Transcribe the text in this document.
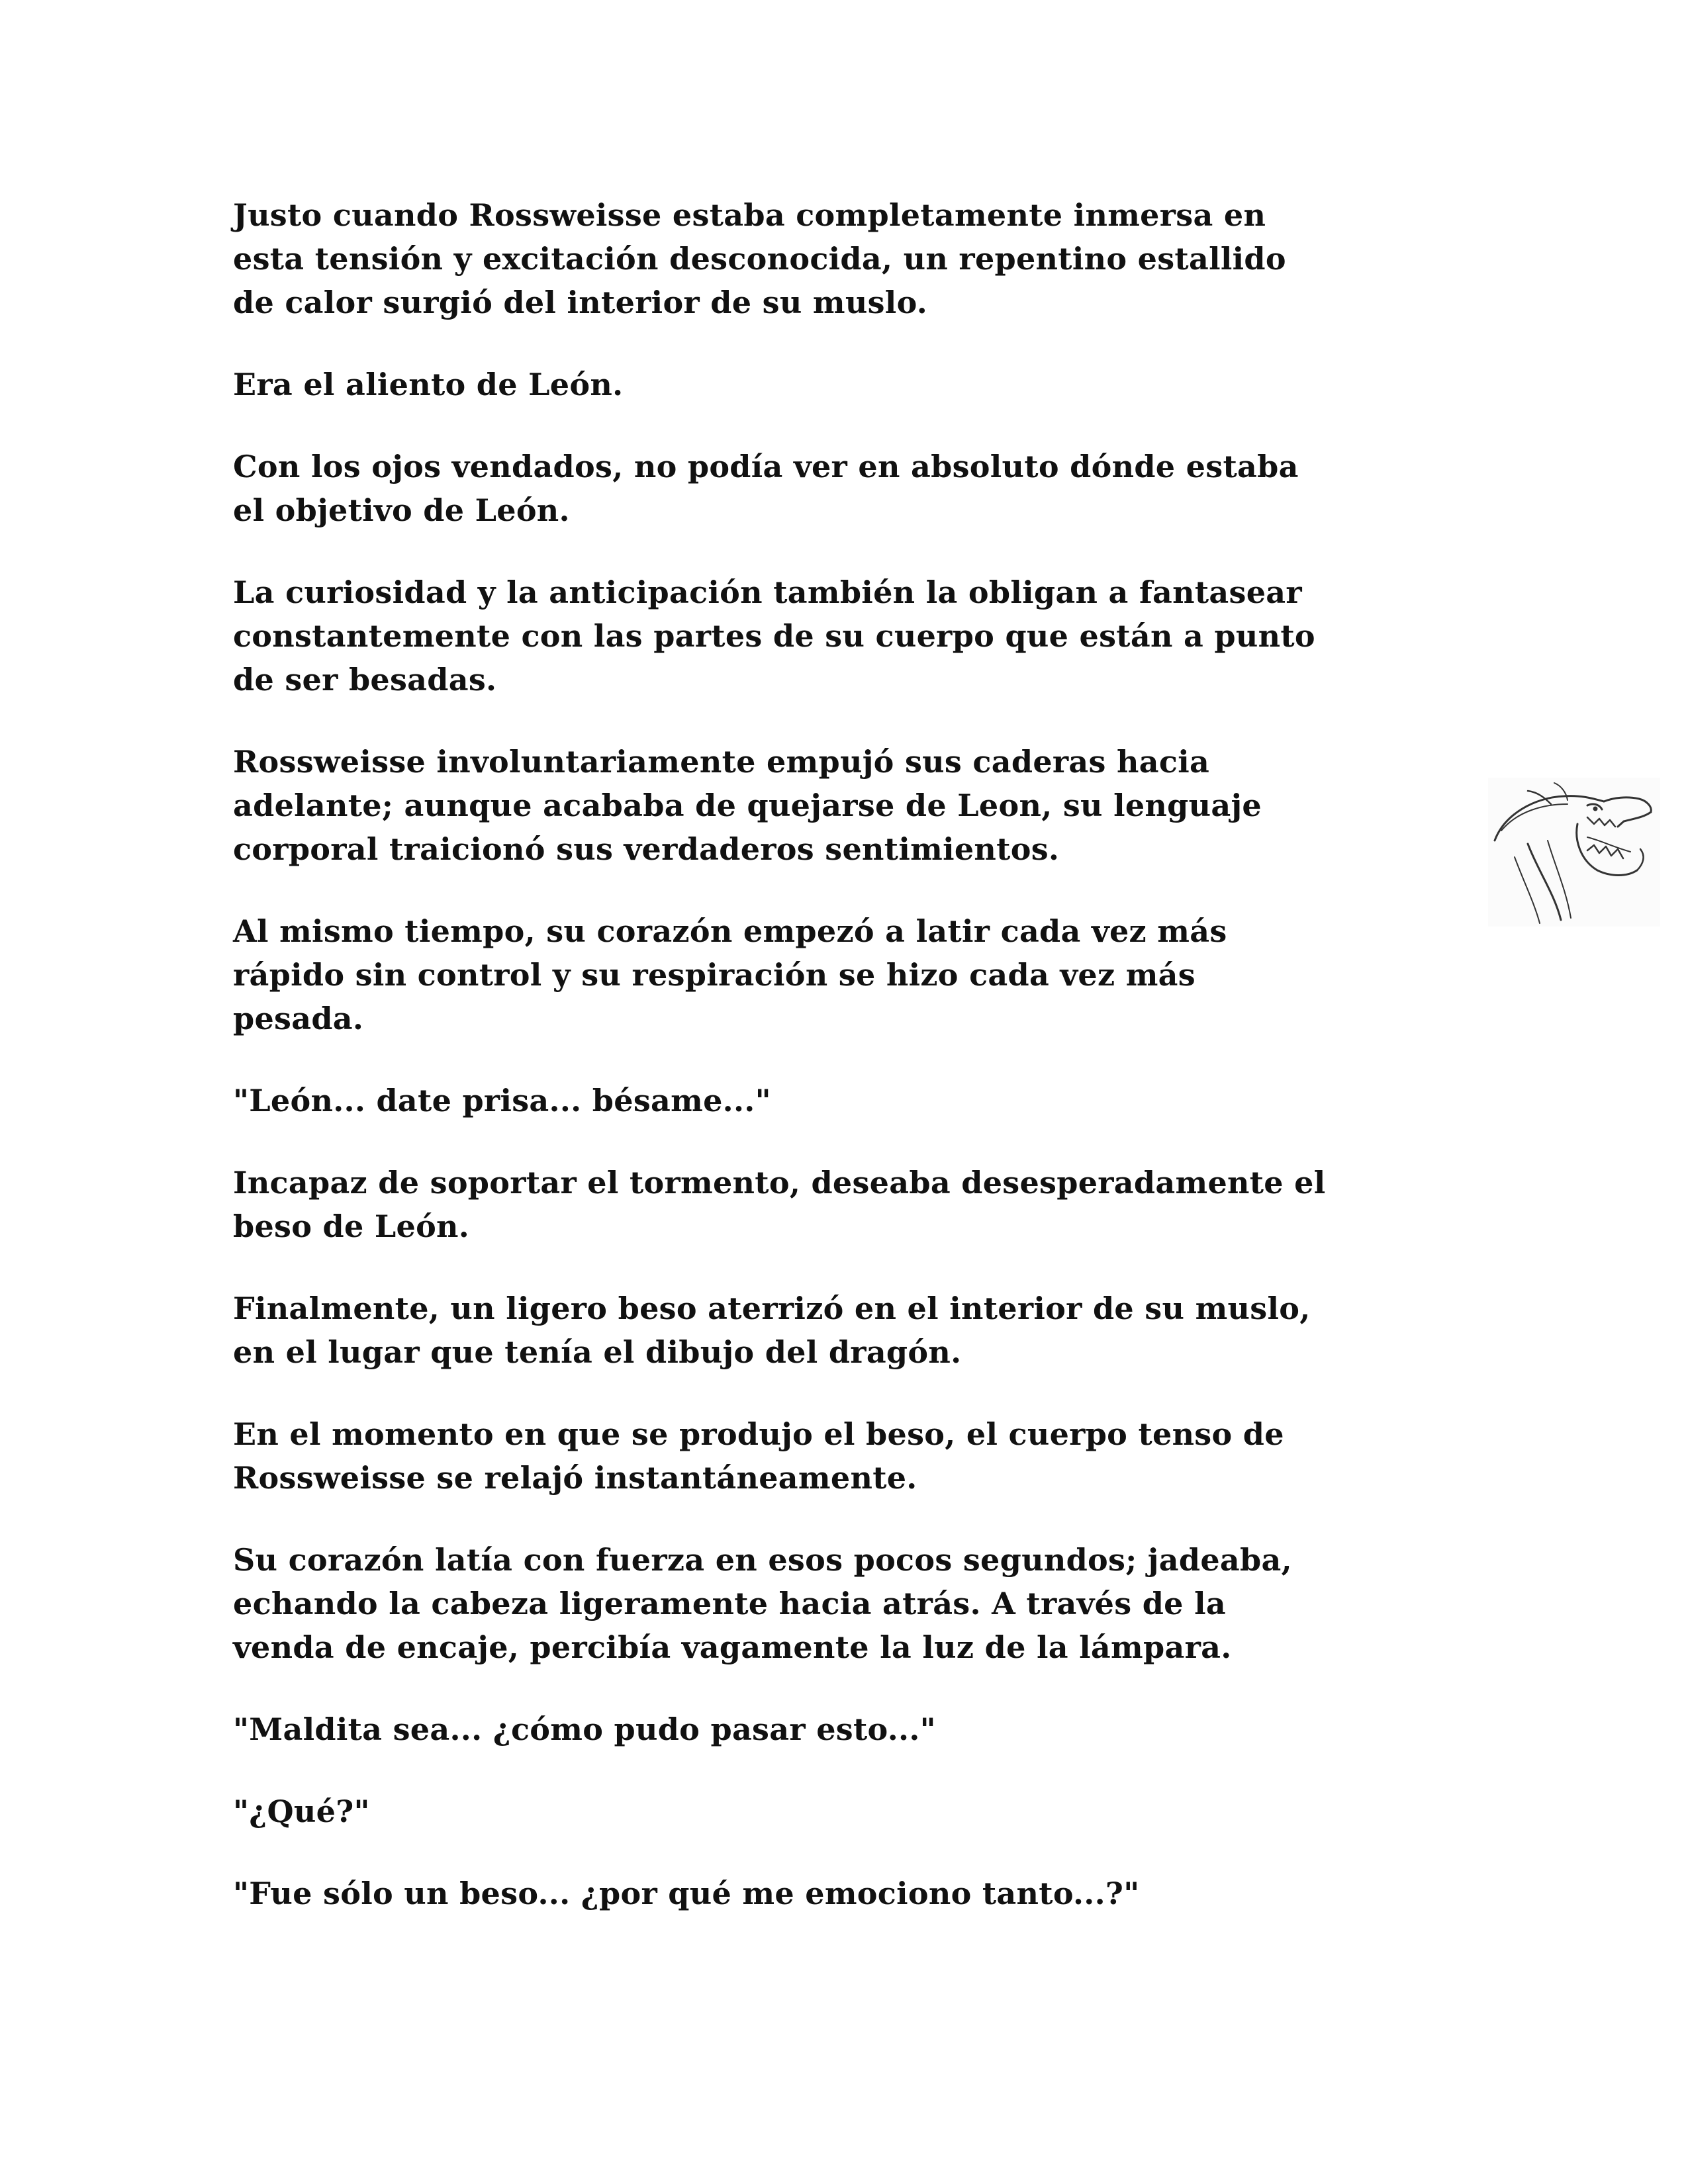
Justo cuando Rossweisse estaba completamente inmersa en
esta tensión y excitación desconocida, un repentino estallido
de calor surgió del interior de su muslo.

Era el aliento de León.

Con los ojos vendados, no podía ver en absoluto dónde estaba
el objetivo de León.

La curiosidad y la anticipación también la obligan a fantasear
constantemente con las partes de su cuerpo que están a punto
de ser besadas.

Rossweisse involuntariamente empujó sus caderas hacia
adelante; aunque acababa de quejarse de Leon, su lenguaje
corporal traicionó sus verdaderos sentimientos.

Al mismo tiempo, su corazón empezó a latir cada vez más
rápido sin control y su respiración se hizo cada vez más
pesada.

"León... date prisa... bésame..."

Incapaz de soportar el tormento, deseaba desesperadamente el
beso de León.

Finalmente, un ligero beso aterrizó en el interior de su muslo,
en el lugar que tenía el dibujo del dragón.

En el momento en que se produjo el beso, el cuerpo tenso de
Rossweisse se relajó instantáneamente.

Su corazón latía con fuerza en esos pocos segundos; jadeaba,
echando la cabeza ligeramente hacia atrás. A través de la
venda de encaje, percibía vagamente la luz de la lámpara.

"Maldita sea... ¿cómo pudo pasar esto..."

"¿Qué?"

"Fue sólo un beso... ¿por qué me emociono tanto...?"
